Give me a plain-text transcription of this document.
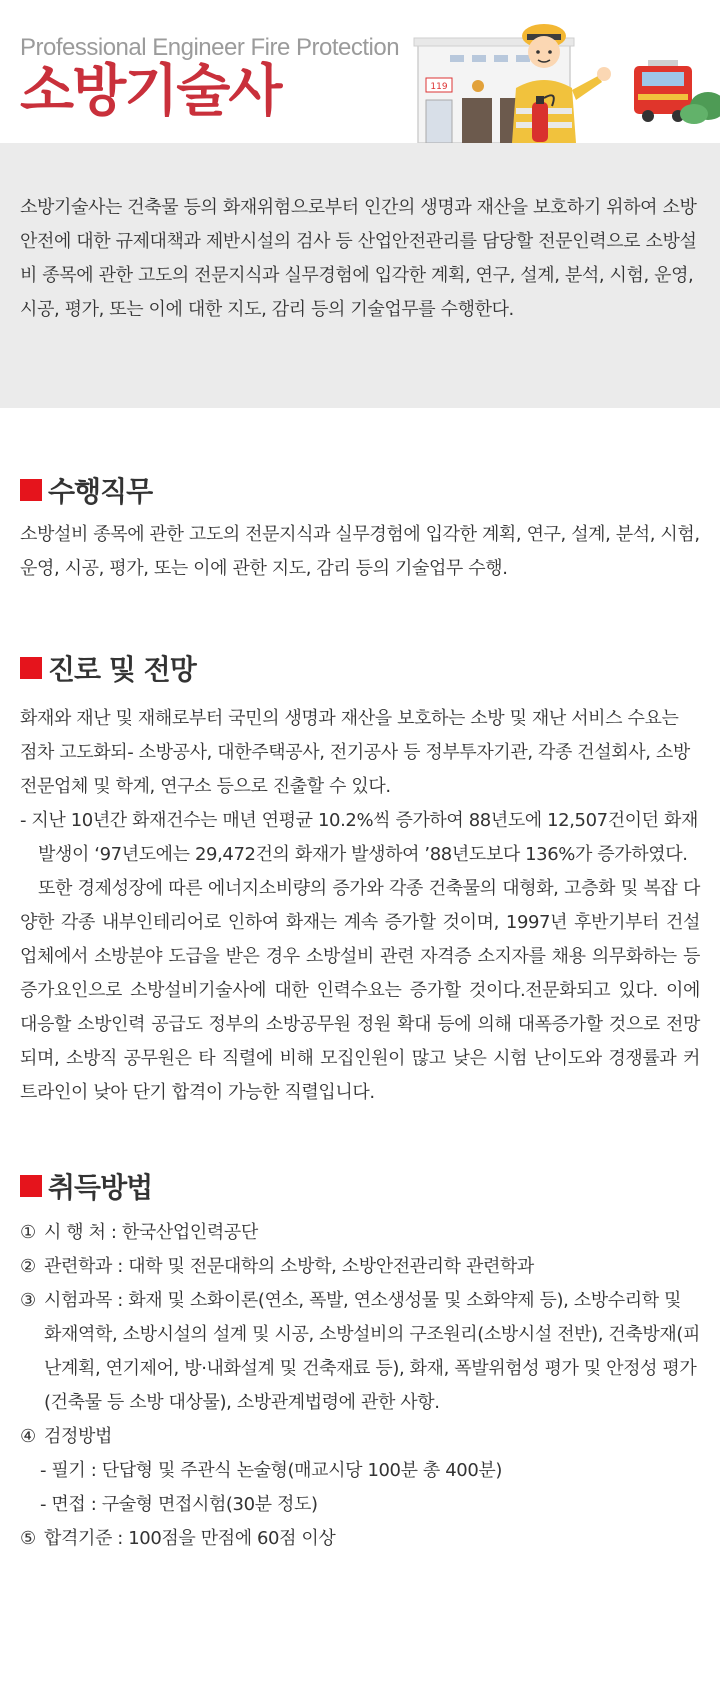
Professional Engineer Fire Protection
소방기술사	119
소방기술사는 건축물 등의 화재위험으로부터 인간의 생명과 재산을 보호하기 위하여 소방안전에 대한 규제대책과 제반시설의 검사 등 산업안전관리를 담당할 전문인력으로 소방설비 종목에 관한 고도의 전문지식과 실무경험에 입각한 계획, 연구, 설계, 분석, 시험, 운영, 시공, 평가, 또는 이에 대한 지도, 감리 등의 기술업무를 수행한다.
수행직무
소방설비 종목에 관한 고도의 전문지식과 실무경험에 입각한 계획, 연구, 설계, 분석, 시험, 운영, 시공, 평가, 또는 이에 관한 지도, 감리 등의 기술업무 수행.
진로 및 전망
화재와 재난 및 재해로부터 국민의 생명과 재산을 보호하는 소방 및 재난 서비스 수요는 점차 고도화되- 소방공사, 대한주택공사, 전기공사 등 정부투자기관, 각종 건설회사, 소방전문업체 및 학계, 연구소 등으로 진출할 수 있다.
- 지난 10년간 화재건수는 매년 연평균 10.2%씩 증가하여 88년도에 12,507건이던 화재 발생이 ‘97년도에는 29,472건의 화재가 발생하여 ’88년도보다 136%가 증가하였다.
또한 경제성장에 따른 에너지소비량의 증가와 각종 건축물의 대형화, 고층화 및 복잡 다양한 각종 내부인테리어로 인하여 화재는 계속 증가할 것이며, 1997년 후반기부터 건설업체에서 소방분야 도급을 받은 경우 소방설비 관련 자격증 소지자를 채용 의무화하는 등 증가요인으로 소방설비기술사에 대한 인력수요는 증가할 것이다.전문화되고 있다. 이에 대응할 소방인력 공급도 정부의 소방공무원 정원 확대 등에 의해 대폭증가할 것으로 전망되며, 소방직 공무원은 타 직렬에 비해 모집인원이 많고 낮은 시험 난이도와 경쟁률과 커트라인이 낮아 단기 합격이 가능한 직렬입니다.
취득방법
① 시 행 처 : 한국산업인력공단
② 관련학과 : 대학 및 전문대학의 소방학, 소방안전관리학 관련학과
③ 시험과목 : 화재 및 소화이론(연소, 폭발, 연소생성물 및 소화약제 등), 소방수리학 및 화재역학, 소방시설의 설계 및 시공, 소방설비의 구조원리(소방시설 전반), 건축방재(피난계획, 연기제어, 방·내화설계 및 건축재료 등), 화재, 폭발위험성 평가 및 안정성 평가(건축물 등 소방 대상물), 소방관계법령에 관한 사항.
④ 검정방법
- 필기 : 단답형 및 주관식 논술형(매교시당 100분 총 400분)
- 면접 : 구술형 면접시험(30분 정도)
⑤ 합격기준 : 100점을 만점에 60점 이상
